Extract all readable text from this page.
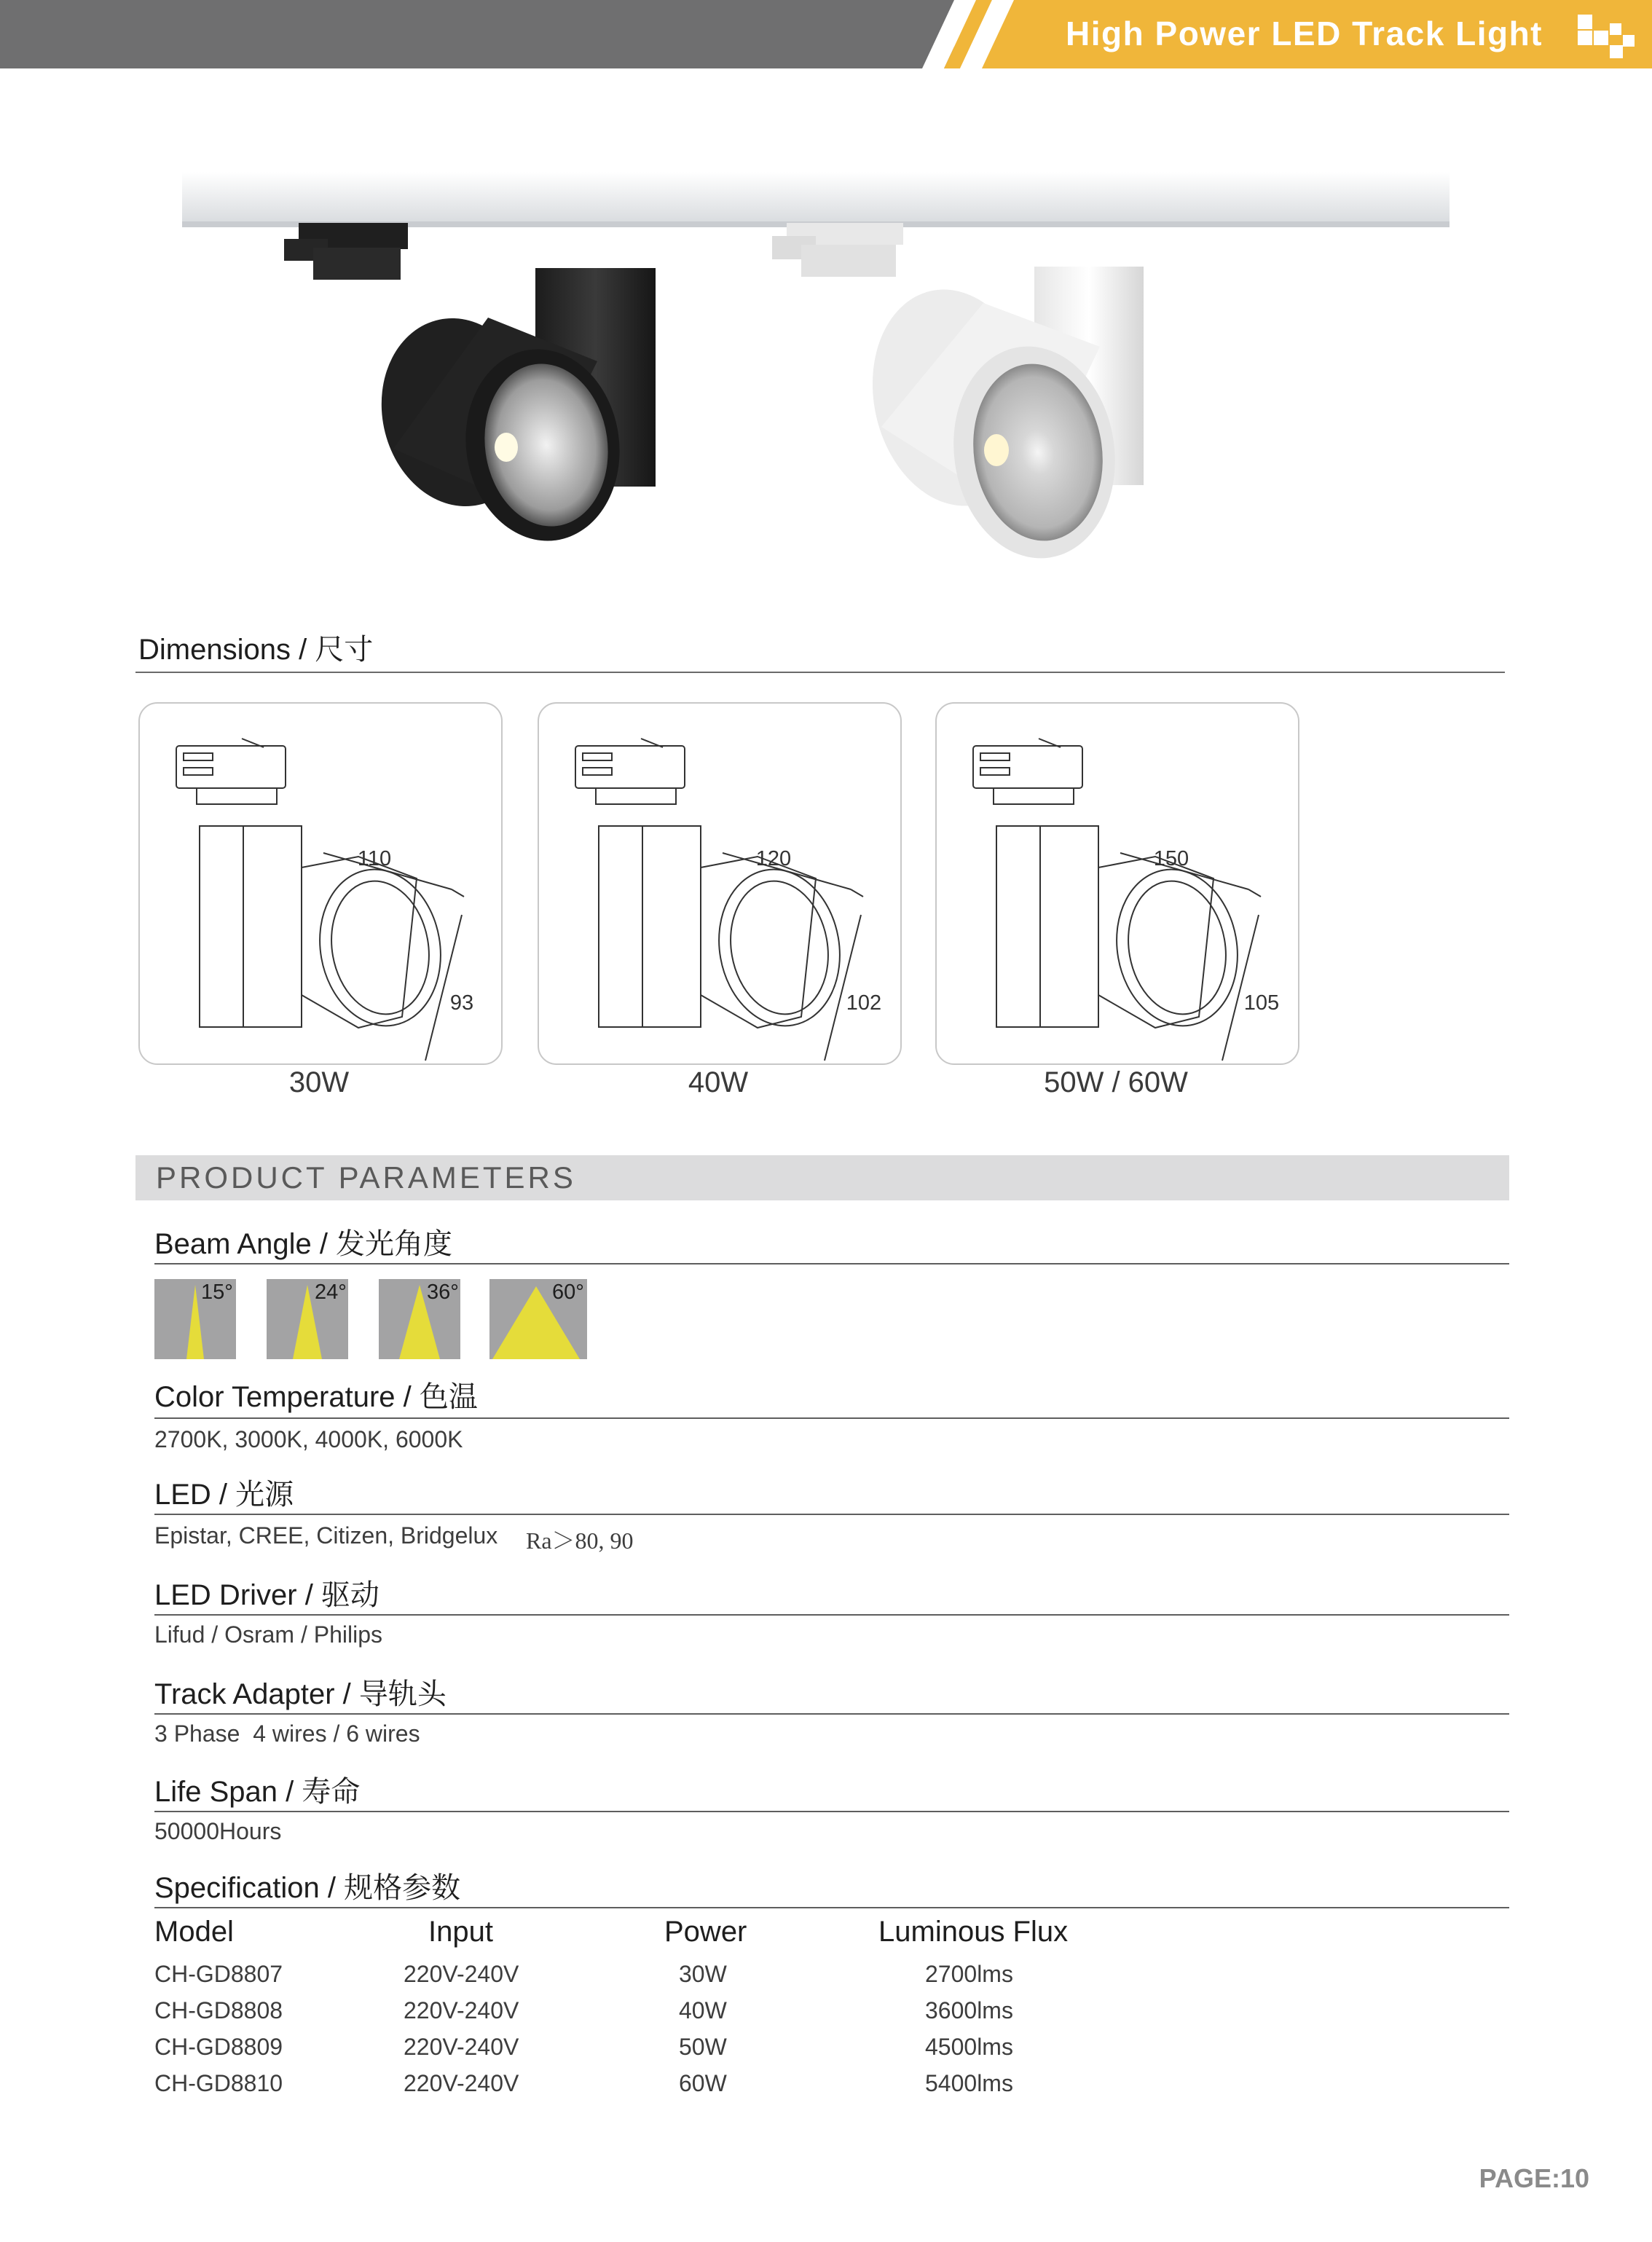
High Power LED Track Light
Dimensions / 尺寸
110
93
30W
120
102
40W
150
105
50W / 60W
PRODUCT PARAMETERS
Beam Angle / 发光角度
15°	24°	36°	60°
Color Temperature / 色温
2700K, 3000K, 4000K, 6000K
LED / 光源
Epistar, CREE, Citizen, Bridgelux Ra＞80, 90
LED Driver / 驱动
Lifud / Osram / Philips
Track Adapter / 导轨头
3 Phase  4 wires / 6 wires
Life Span / 寿命
50000Hours
Specification / 规格参数
Model	Input	Power	Luminous Flux
CH-GD8807	220V-240V	30W	2700lms
CH-GD8808	220V-240V	40W	3600lms
CH-GD8809	220V-240V	50W	4500lms
CH-GD8810	220V-240V	60W	5400lms
PAGE:10
